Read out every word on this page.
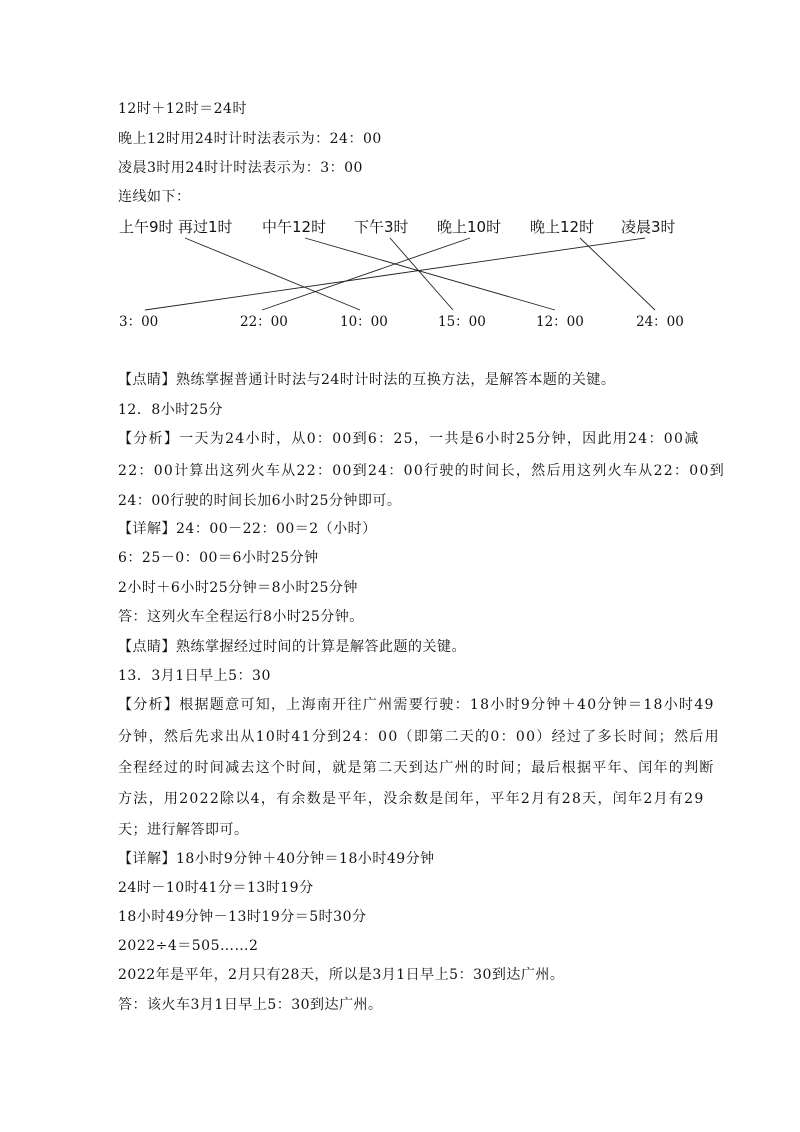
12时＋12时＝24时
晚上12时用24时计时法表示为：24：00
凌晨3时用24时计时法表示为：3：00
连线如下：
上午9时 再过1时 中午12时 下午3时 晚上10时 晚上12时 凌晨3时
3：00	22：00	10：00	15：00	12：00	24：00
【点睛】熟练掌握普通计时法与24时计时法的互换方法，是解答本题的关键。
12．8小时25分
【分析】一天为24小时，从0：00到6：25，一共是6小时25分钟，因此用24：00减
22：00计算出这列火车从22：00到24：00行驶的时间长，然后用这列火车从22：00到
24：00行驶的时间长加6小时25分钟即可。
【详解】24：00－22：00＝2（小时）
6：25－0：00＝6小时25分钟
2小时＋6小时25分钟＝8小时25分钟
答：这列火车全程运行8小时25分钟。
【点睛】熟练掌握经过时间的计算是解答此题的关键。
13．3月1日早上5：30
【分析】根据题意可知，上海南开往广州需要行驶：18小时9分钟＋40分钟＝18小时49
分钟，然后先求出从10时41分到24：00（即第二天的0：00）经过了多长时间；然后用
全程经过的时间减去这个时间，就是第二天到达广州的时间；最后根据平年、闰年的判断
方法，用2022除以4，有余数是平年，没余数是闰年，平年2月有28天，闰年2月有29
天；进行解答即可。
【详解】18小时9分钟＋40分钟＝18小时49分钟
24时－10时41分＝13时19分
18小时49分钟－13时19分＝5时30分
2022÷4＝505……2
2022年是平年，2月只有28天，所以是3月1日早上5：30到达广州。
答：该火车3月1日早上5：30到达广州。
